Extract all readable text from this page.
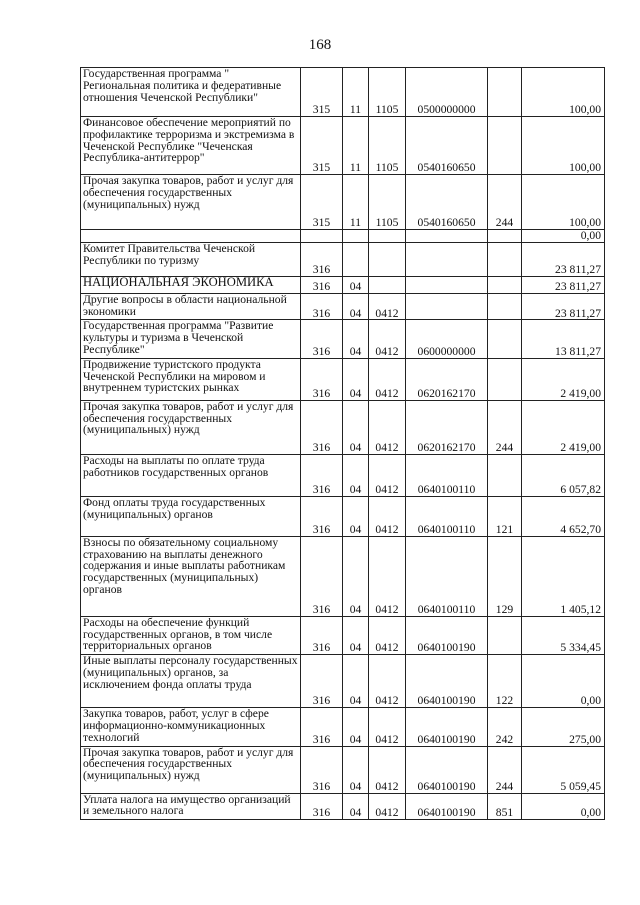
168
Государственная программа " Региональная политика и федеративные отношения Чеченской Республики"	315	11	1105	0500000000		100,00
Финансовое обеспечение мероприятий по профилактике терроризма и экстремизма в Чеченской Республике "Чеченская Республика-антитеррор"	315	11	1105	0540160650		100,00
Прочая закупка товаров, работ и услуг для обеспечения государственных (муниципальных) нужд	315	11	1105	0540160650	244	100,00
						0,00
Комитет Правительства Чеченской Республики по туризму	316					23 811,27
НАЦИОНАЛЬНАЯ ЭКОНОМИКА	316	04				23 811,27
Другие вопросы в области национальной экономики	316	04	0412			23 811,27
Государственная программа "Развитие культуры и туризма в Чеченской Республике"	316	04	0412	0600000000		13 811,27
Продвижение туристского продукта Чеченской Республики на мировом и внутреннем туристских рынках	316	04	0412	0620162170		2 419,00
Прочая закупка товаров, работ и услуг для обеспечения государственных (муниципальных) нужд	316	04	0412	0620162170	244	2 419,00
Расходы на выплаты по оплате труда работников государственных органов	316	04	0412	0640100110		6 057,82
Фонд оплаты труда государственных (муниципальных) органов	316	04	0412	0640100110	121	4 652,70
Взносы по обязательному социальному страхованию на выплаты денежного содержания и иные выплаты работникам государственных (муниципальных) органов	316	04	0412	0640100110	129	1 405,12
Расходы на обеспечение функций государственных органов, в том числе территориальных органов	316	04	0412	0640100190		5 334,45
Иные выплаты персоналу государственных (муниципальных) органов, за исключением фонда оплаты труда	316	04	0412	0640100190	122	0,00
Закупка товаров, работ, услуг в сфере информационно-коммуникационных технологий	316	04	0412	0640100190	242	275,00
Прочая закупка товаров, работ и услуг для обеспечения государственных (муниципальных) нужд	316	04	0412	0640100190	244	5 059,45
Уплата налога на имущество организаций и земельного налога	316	04	0412	0640100190	851	0,00
